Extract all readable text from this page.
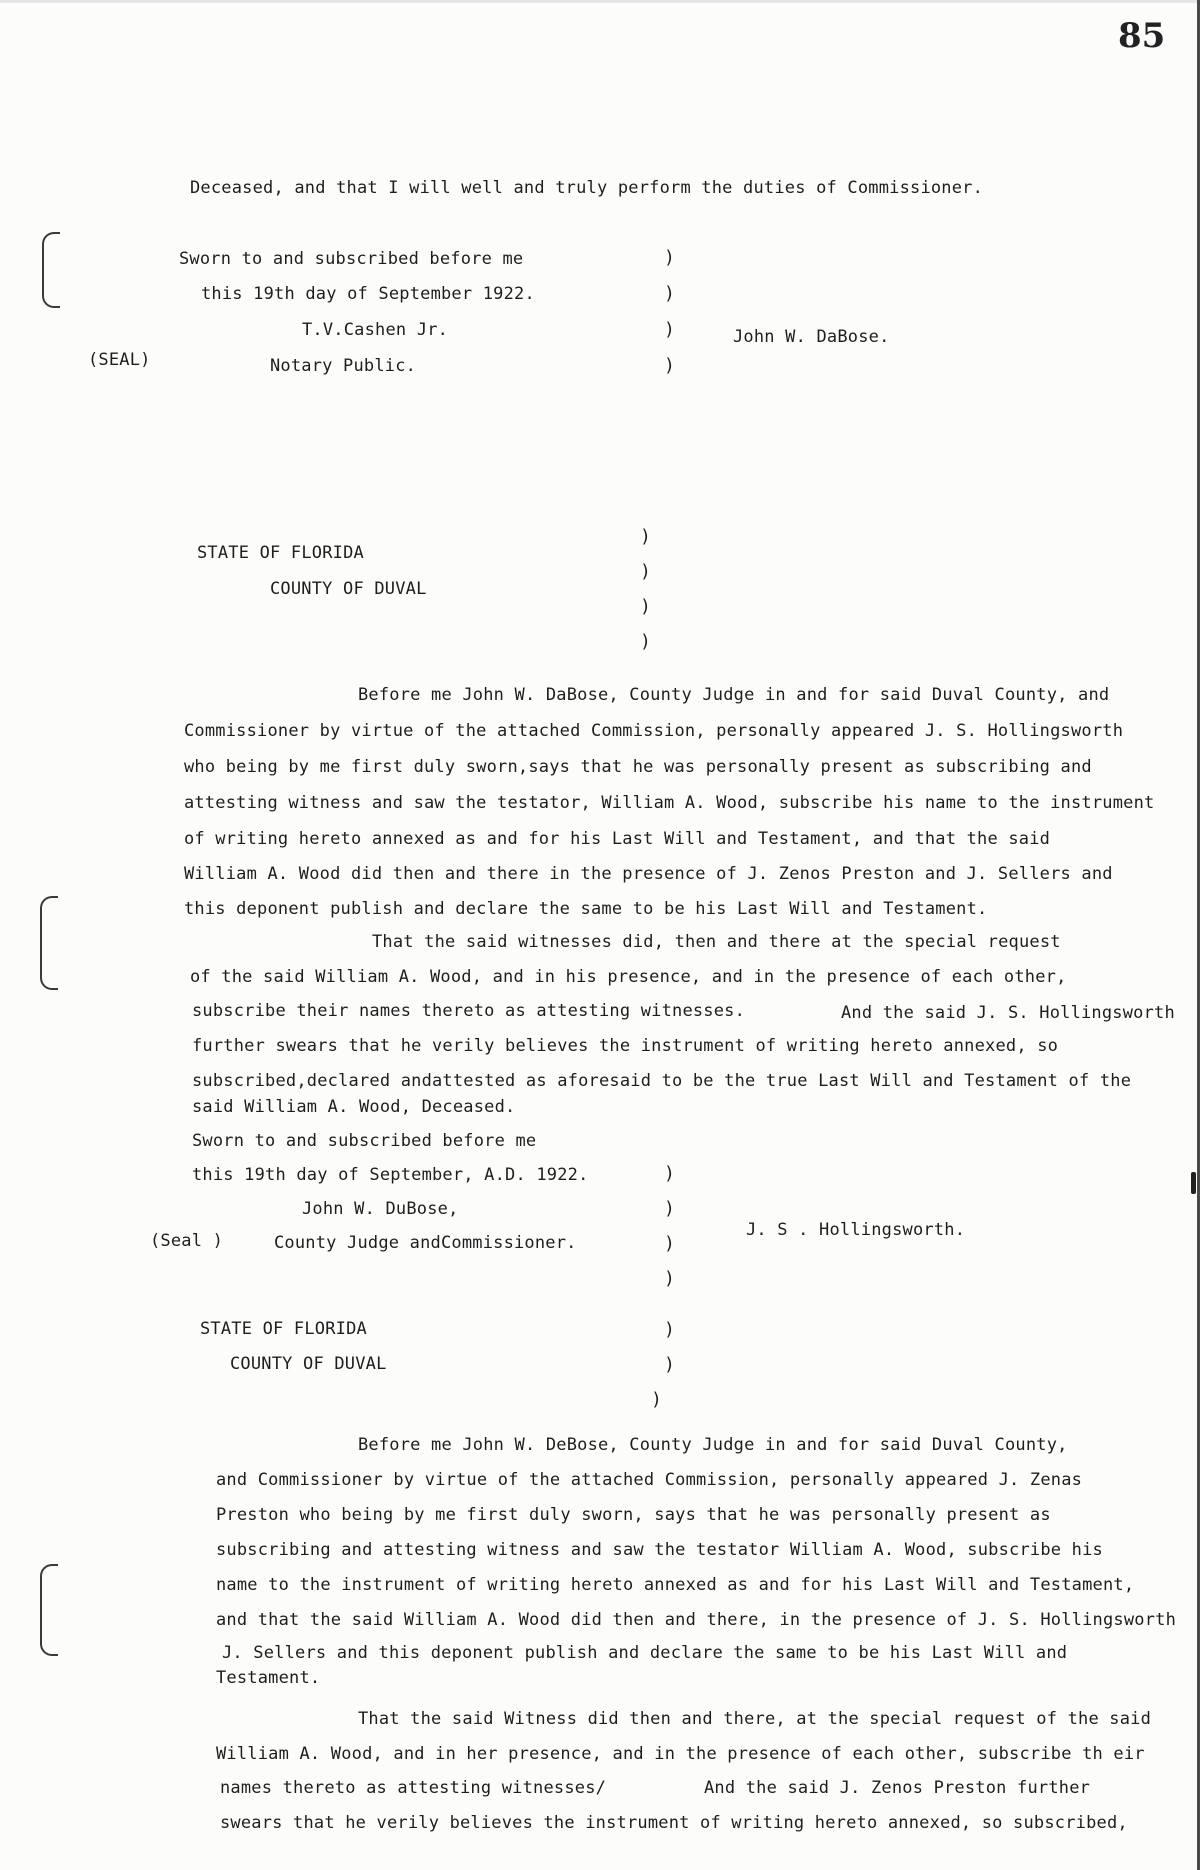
85
Deceased, and that I will well and truly perform the duties of Commissioner.
Sworn to and subscribed before me
this 19th day of September 1922.
T.V.Cashen Jr.
Notary Public.
(SEAL)
John W. DaBose.
)
)
)
)
STATE OF FLORIDA
COUNTY OF DUVAL
)
)
)
)
Before me John W. DaBose, County Judge in and for said Duval County, and
Commissioner by virtue of the attached Commission, personally appeared J. S. Hollingsworth
who being by me first duly sworn,says that he was personally present as subscribing and
attesting witness and saw the testator, William A. Wood, subscribe his name to the instrument
of writing hereto annexed as and for his Last Will and Testament, and that the said
William A. Wood did then and there in the presence of J. Zenos Preston and J. Sellers and
this deponent publish and declare the same to be his Last Will and Testament.
That the said witnesses did, then and there at the special request
of the said William A. Wood, and in his presence, and in the presence of each other,
subscribe their names thereto as attesting witnesses.	And the said J. S. Hollingsworth
further swears that he verily believes the instrument of writing hereto annexed, so
subscribed,declared andattested as aforesaid to be the true Last Will and Testament of the
said William A. Wood, Deceased.
Sworn to and subscribed before me
this 19th day of September, A.D. 1922.
John W. DuBose,
County Judge andCommissioner.
(Seal )
J. S . Hollingsworth.
)
)
)
)
STATE OF FLORIDA
COUNTY OF DUVAL
)
)
)
Before me John W. DeBose, County Judge in and for said Duval County,
and Commissioner by virtue of the attached Commission, personally appeared J. Zenas
Preston who being by me first duly sworn, says that he was personally present as
subscribing and attesting witness and saw the testator William A. Wood, subscribe his
name to the instrument of writing hereto annexed as and for his Last Will and Testament,
and that the said William A. Wood did then and there, in the presence of J. S. Hollingsworth
J. Sellers and this deponent publish and declare the same to be his Last Will and
Testament.
That the said Witness did then and there, at the special request of the said
William A. Wood, and in her presence, and in the presence of each other, subscribe th eir
names thereto as attesting witnesses/	And the said J. Zenos Preston further
swears that he verily believes the instrument of writing hereto annexed, so subscribed,
